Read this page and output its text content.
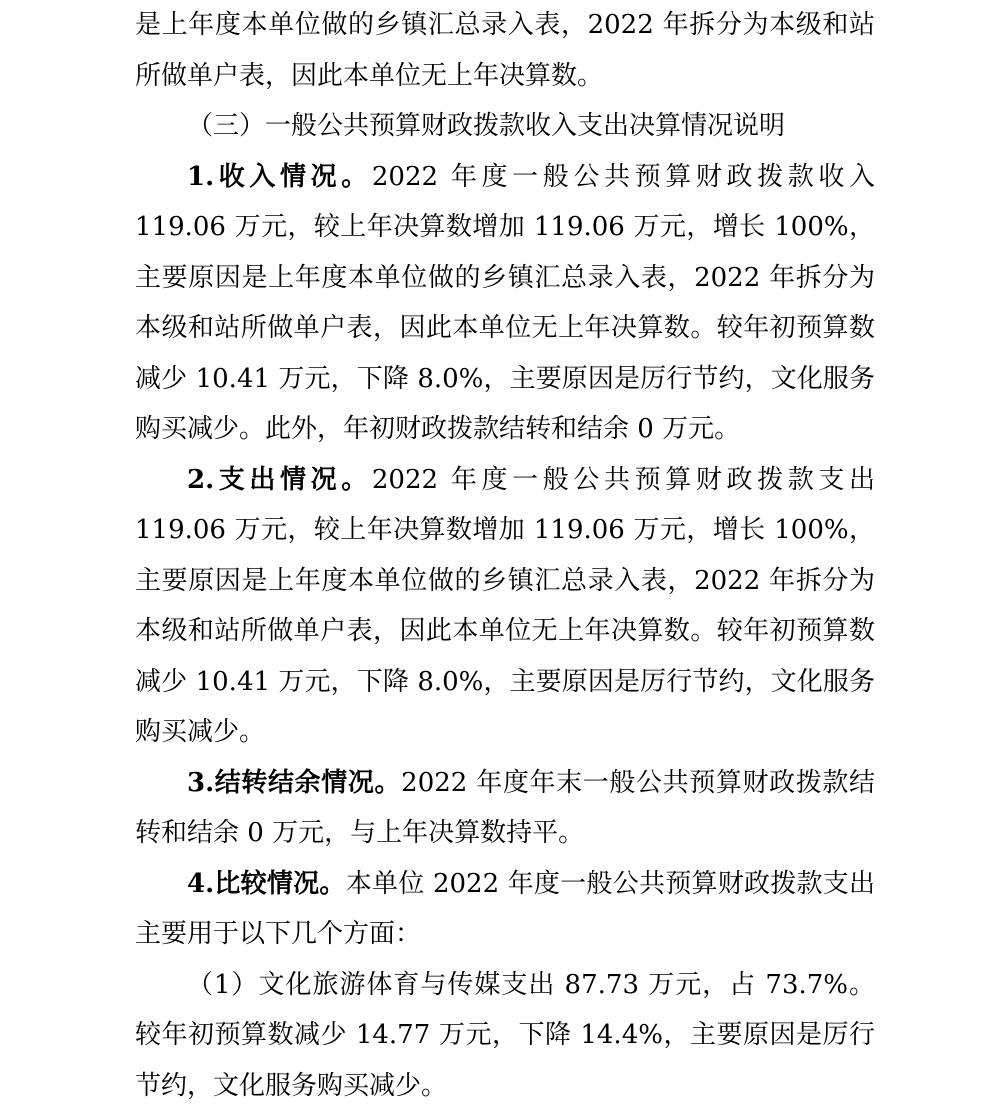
是上年度本单位做的乡镇汇总录入表，2022 年拆分为本级和站所做单户表，因此本单位无上年决算数。

（三）一般公共预算财政拨款收入支出决算情况说明

1.收入情况。2022 年度一般公共预算财政拨款收入 119.06 万元，较上年决算数增加 119.06 万元，增长 100%，主要原因是上年度本单位做的乡镇汇总录入表，2022 年拆分为本级和站所做单户表，因此本单位无上年决算数。较年初预算数减少 10.41 万元，下降 8.0%，主要原因是厉行节约，文化服务购买减少。此外，年初财政拨款结转和结余 0 万元。

2.支出情况。2022 年度一般公共预算财政拨款支出 119.06 万元，较上年决算数增加 119.06 万元，增长 100%，主要原因是上年度本单位做的乡镇汇总录入表，2022 年拆分为本级和站所做单户表，因此本单位无上年决算数。较年初预算数减少 10.41 万元，下降 8.0%，主要原因是厉行节约，文化服务购买减少。

3.结转结余情况。2022 年度年末一般公共预算财政拨款结转和结余 0 万元，与上年决算数持平。

4.比较情况。本单位 2022 年度一般公共预算财政拨款支出主要用于以下几个方面：

（1）文化旅游体育与传媒支出 87.73 万元，占 73.7%。较年初预算数减少 14.77 万元，下降 14.4%，主要原因是厉行节约，文化服务购买减少。
